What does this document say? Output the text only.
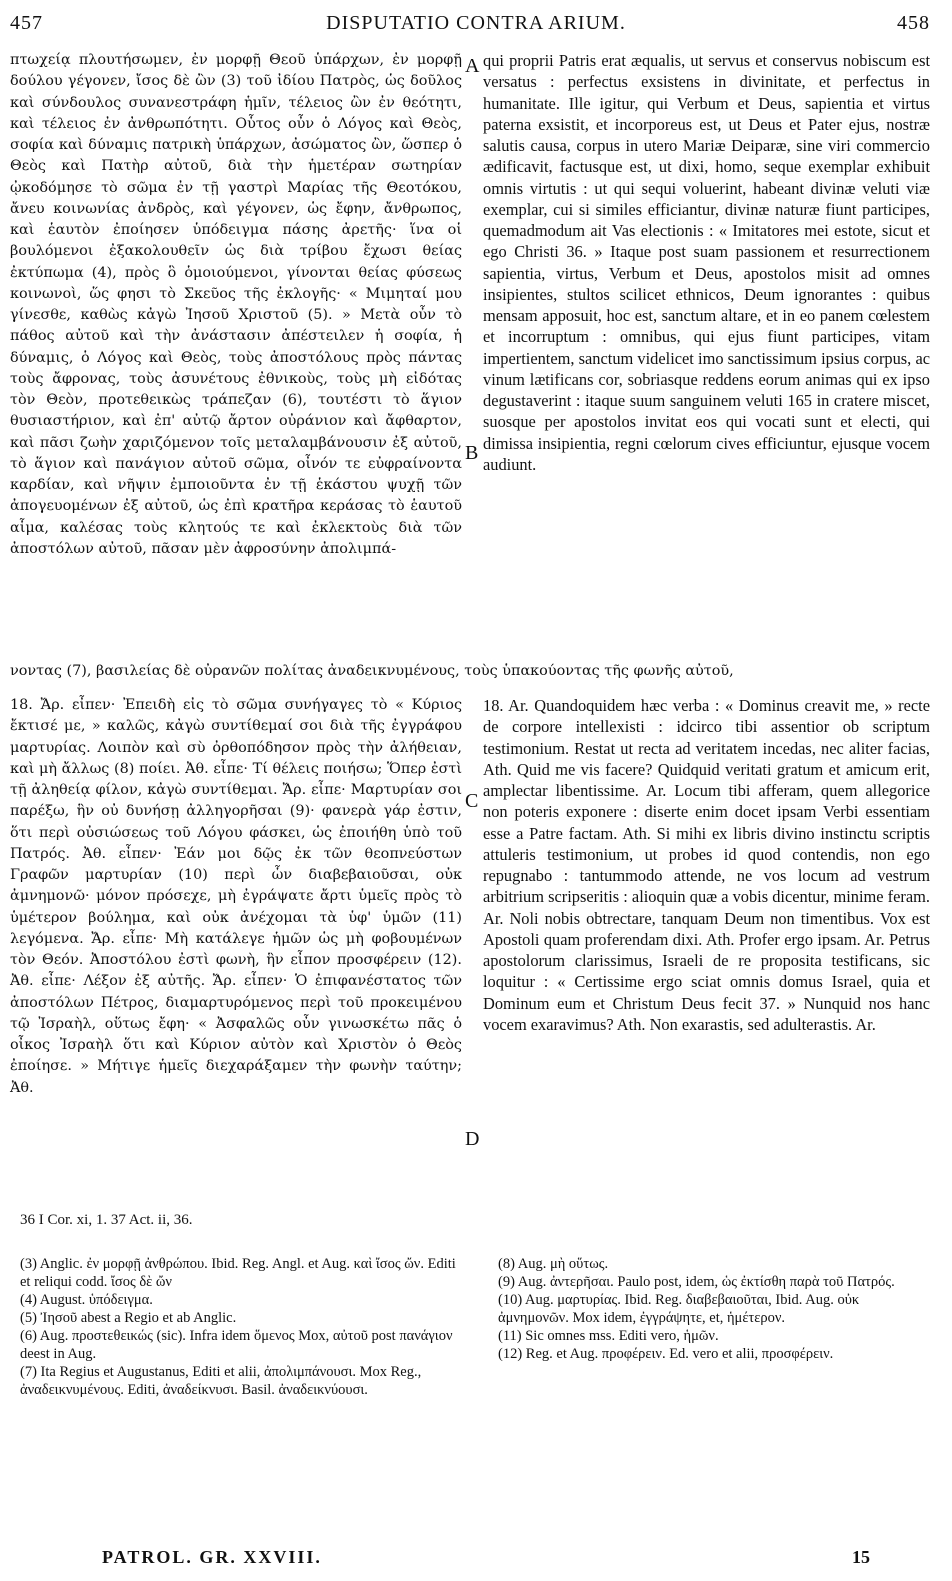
457	DISPUTATIO CONTRA ARIUM.	458

πτωχείᾳ πλουτήσωμεν, ἐν μορφῇ Θεοῦ ὑπάρχων, ἐν μορφῇ δούλου γέγονεν, ἴσος δὲ ὢν (3) τοῦ ἰδίου Πατρὸς, ὡς δοῦλος καὶ σύνδουλος συνανεστράφη ἡμῖν, τέλειος ὢν ἐν θεότητι, καὶ τέλειος ἐν ἀνθρωπότητι. Οὗτος οὖν ὁ Λόγος καὶ Θεὸς, σοφία καὶ δύναμις πατρικὴ ὑπάρχων, ἀσώματος ὢν, ὥσπερ ὁ Θεὸς καὶ Πατὴρ αὐτοῦ, διὰ τὴν ἡμετέραν σωτηρίαν ᾠκοδόμησε τὸ σῶμα ἐν τῇ γαστρὶ Μαρίας τῆς Θεοτόκου, ἄνευ κοινωνίας ἀνδρὸς, καὶ γέγονεν, ὡς ἔφην, ἄνθρωπος, καὶ ἑαυτὸν ἐποίησεν ὑπόδειγμα πάσης ἀρετῆς· ἵνα οἱ βουλόμενοι ἐξακολουθεῖν ὡς διὰ τρίβου ἔχωσι θείας ἐκτύπωμα (4), πρὸς ὃ ὁμοιούμενοι, γίνονται θείας φύσεως κοινωνοὶ, ὥς φησι τὸ Σκεῦος τῆς ἐκλογῆς· « Μιμηταί μου γίνεσθε, καθὼς κἀγὼ Ἰησοῦ Χριστοῦ (5). » Μετὰ οὖν τὸ πάθος αὐτοῦ καὶ τὴν ἀνάστασιν ἀπέστειλεν ἡ σοφία, ἡ δύναμις, ὁ Λόγος καὶ Θεὸς, τοὺς ἀποστόλους πρὸς πάντας τοὺς ἄφρονας, τοὺς ἀσυνέτους ἐθνικοὺς, τοὺς μὴ εἰδότας τὸν Θεὸν, προτεθεικὼς τράπεζαν (6), τουτέστι τὸ ἅγιον θυσιαστήριον, καὶ ἐπ' αὐτῷ ἄρτον οὐράνιον καὶ ἄφθαρτον, καὶ πᾶσι ζωὴν χαριζόμενον τοῖς μεταλαμβάνουσιν ἐξ αὐτοῦ, τὸ ἅγιον καὶ πανάγιον αὐτοῦ σῶμα, οἶνόν τε εὐφραίνοντα καρδίαν, καὶ νῆψιν ἐμποιοῦντα ἐν τῇ ἑκάστου ψυχῇ τῶν ἀπογευομένων ἐξ αὐτοῦ, ὡς ἐπὶ κρατῆρα κεράσας τὸ ἑαυτοῦ αἷμα, καλέσας τοὺς κλητούς τε καὶ ἐκλεκτοὺς διὰ τῶν ἀποστόλων αὐτοῦ, πᾶσαν μὲν ἀφροσύνην ἀπολιμπά-

qui proprii Patris erat æqualis, ut servus et conservus nobiscum est versatus : perfectus exsistens in divinitate, et perfectus in humanitate. Ille igitur, qui Verbum et Deus, sapientia et virtus paterna exsistit, et incorporeus est, ut Deus et Pater ejus, nostræ salutis causa, corpus in utero Mariæ Deiparæ, sine viri commercio ædificavit, factusque est, ut dixi, homo, seque exemplar exhibuit omnis virtutis : ut qui sequi voluerint, habeant divinæ veluti viæ exemplar, cui si similes efficiantur, divinæ naturæ fiunt participes, quemadmodum ait Vas electionis : « Imitatores mei estote, sicut et ego Christi 36. » Itaque post suam passionem et resurrectionem sapientia, virtus, Verbum et Deus, apostolos misit ad omnes insipientes, stultos scilicet ethnicos, Deum ignorantes : quibus mensam apposuit, hoc est, sanctum altare, et in eo panem cœlestem et incorruptum : omnibus, qui ejus fiunt participes, vitam impertientem, sanctum videlicet imo sanctissimum ipsius corpus, ac vinum lætificans cor, sobriasque reddens eorum animas qui ex ipso degustaverint : itaque suum sanguinem veluti 165 in cratere miscet, suosque per apostolos invitat eos qui vocati sunt et electi, qui dimissa insipientia, regni cœlorum cives efficiuntur, ejusque vocem audiunt.

A
B
νοντας (7), βασιλείας δὲ οὐρανῶν πολίτας ἀναδεικνυμένους, τοὺς ὑπακούοντας τῆς φωνῆς αὐτοῦ,

18. Ἄρ. εἶπεν· Ἐπειδὴ εἰς τὸ σῶμα συνήγαγες τὸ « Κύριος ἔκτισέ με, » καλῶς, κἀγὼ συντίθεμαί σοι διὰ τῆς ἐγγράφου μαρτυρίας. Λοιπὸν καὶ σὺ ὀρθοπόδησον πρὸς τὴν ἀλήθειαν, καὶ μὴ ἄλλως (8) ποίει. Ἀθ. εἶπε· Τί θέλεις ποιήσω; Ὅπερ ἐστὶ τῇ ἀληθείᾳ φίλον, κἀγὼ συντίθεμαι. Ἄρ. εἶπε· Μαρτυρίαν σοι παρέξω, ἣν οὐ δυνήσῃ ἀλληγορῆσαι (9)· φανερὰ γάρ ἐστιν, ὅτι περὶ οὐσιώσεως τοῦ Λόγου φάσκει, ὡς ἐποιήθη ὑπὸ τοῦ Πατρός. Ἀθ. εἶπεν· Ἐάν μοι δῷς ἐκ τῶν θεοπνεύστων Γραφῶν μαρτυρίαν (10) περὶ ὧν διαβεβαιοῦσαι, οὐκ ἀμνημονῶ· μόνον πρόσεχε, μὴ ἐγράψατε ἄρτι ὑμεῖς πρὸς τὸ ὑμέτερον βούλημα, καὶ οὐκ ἀνέχομαι τὰ ὑφ' ὑμῶν (11) λεγόμενα. Ἄρ. εἶπε· Μὴ κατάλεγε ἡμῶν ὡς μὴ φοβουμένων τὸν Θεόν. Ἀποστόλου ἐστὶ φωνὴ, ἣν εἶπον προσφέρειν (12). Ἀθ. εἶπε· Λέξον ἐξ αὐτῆς. Ἄρ. εἶπεν· Ὁ ἐπιφανέστατος τῶν ἀποστόλων Πέτρος, διαμαρτυρόμενος περὶ τοῦ προκειμένου τῷ Ἰσραὴλ, οὕτως ἔφη· « Ἀσφαλῶς οὖν γινωσκέτω πᾶς ὁ οἶκος Ἰσραὴλ ὅτι καὶ Κύριον αὐτὸν καὶ Χριστὸν ὁ Θεὸς ἐποίησε. » Μήτιγε ἡμεῖς διεχαράξαμεν τὴν φωνὴν ταύτην; Ἀθ.

18. Ar. Quandoquidem hæc verba : « Dominus creavit me, » recte de corpore intellexisti : idcirco tibi assentior ob scriptum testimonium. Restat ut recta ad veritatem incedas, nec aliter facias, Ath. Quid me vis facere? Quidquid veritati gratum et amicum erit, amplectar libentissime. Ar. Locum tibi afferam, quem allegorice non poteris exponere : diserte enim docet ipsam Verbi essentiam esse a Patre factam. Ath. Si mihi ex libris divino instinctu scriptis attuleris testimonium, ut probes id quod contendis, non ego repugnabo : tantummodo attende, ne vos locum ad vestrum arbitrium scripseritis : alioquin quæ a vobis dicentur, minime feram. Ar. Noli nobis obtrectare, tanquam Deum non timentibus. Vox est Apostoli quam proferendam dixi. Ath. Profer ergo ipsam. Ar. Petrus apostolorum clarissimus, Israeli de re proposita testificans, sic loquitur : « Certissime ergo sciat omnis domus Israel, quia et Dominum eum et Christum Deus fecit 37. » Nunquid nos hanc vocem exaravimus? Ath. Non exarastis, sed adulterastis. Ar.

C
D
36 I Cor. xi, 1. 37 Act. ii, 36.
(3) Anglic. ἐν μορφῇ ἀνθρώπου. Ibid. Reg. Angl. et Aug. καὶ ἴσος ὤν. Editi et reliqui codd. ἴσος δὲ ὤν
(4) August. ὑπόδειγμα.
(5) Ἰησοῦ abest a Regio et ab Anglic.
(6) Aug. προστεθεικώς (sic). Infra idem ὅμενος Mox, αὐτοῦ post πανάγιον deest in Aug.
(7) Ita Regius et Augustanus, Editi et alii, ἀπολιμπάνουσι. Mox Reg., ἀναδεικνυμένους. Editi, ἀναδείκνυσι. Basil. ἀναδεικνύουσι.
(8) Aug. μὴ οὕτως.
(9) Aug. ἀντερῆσαι. Paulo post, idem, ὡς ἐκτίσθη παρὰ τοῦ Πατρός.
(10) Aug. μαρτυρίας. Ibid. Reg. διαβεβαιοῦται, Ibid. Aug. οὐκ ἀμνημονῶν. Mox idem, ἐγγράψητε, et, ἡμέτερον.
(11) Sic omnes mss. Editi vero, ἡμῶν.
(12) Reg. et Aug. προφέρειν. Ed. vero et alii, προσφέρειν.
PATROL. GR. XXVIII.	15
